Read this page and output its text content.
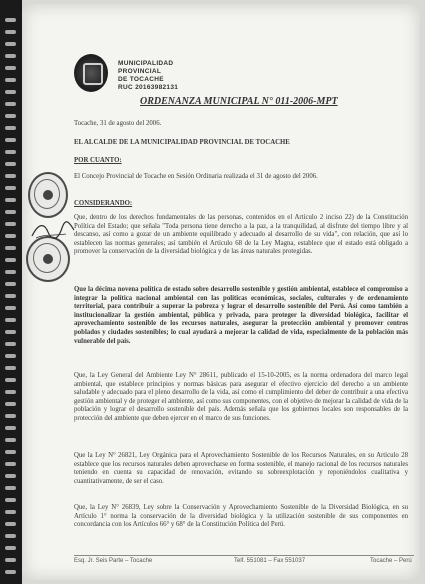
MUNICIPALIDAD
PROVINCIAL
DE TOCACHE
RUC 20163982131
ORDENANZA MUNICIPAL N° 011-2006-MPT
Tocache, 31 de agosto del 2006.
EL ALCALDE DE LA MUNICIPALIDAD PROVINCIAL DE TOCACHE
POR CUANTO:
El Concejo Provincial de Tocache en Sesión Ordinaria realizada el 31 de agosto del 2006.
CONSIDERANDO:
Que, dentro de los derechos fundamentales de las personas, contenidos en el Artículo 2 inciso 22) de la Constitución Política del Estado; que señala "Toda persona tiene derecho a la paz, a la tranquilidad, al disfrute del tiempo libre y al descanso, así como a gozar de un ambiente equilibrado y adecuado al desarrollo de su vida", con relación, que así lo establecen las normas generales; así también el Artículo 68 de la Ley Magna, establece que el estado está obligado a promover la conservación de la diversidad biológica y de las áreas naturales protegidas.
Que la décima novena política de estado sobre desarrollo sostenible y gestión ambiental, establece el compromiso a integrar la política nacional ambiental con las políticas económicas, sociales, culturales y de ordenamiento territorial, para contribuir a superar la pobreza y lograr el desarrollo sostenible del Perú. Así como también a institucionalizar la gestión ambiental, pública y privada, para proteger la diversidad biológica, facilitar el aprovechamiento sostenible de los recursos naturales, asegurar la protección ambiental y promover centros poblados y ciudades sostenibles; lo cual ayudará a mejorar la calidad de vida, especialmente de la población más vulnerable del país.
Que, la Ley General del Ambiente Ley N° 28611, publicado el 15-10-2005, es la norma ordenadora del marco legal ambiental, que establece principios y normas básicas para asegurar el efectivo ejercicio del derecho a un ambiente saludable y adecuado para el pleno desarrollo de la vida, así como el cumplimiento del deber de contribuir a una efectiva gestión ambiental y de proteger el ambiente, así como sus componentes, con el objetivo de mejorar la calidad de vida de la población y lograr el desarrollo sostenible del país. Además señala que los gobiernos locales son responsables de la protección del ambiente que deben ejercer en el marco de sus funciones.
Que la Ley N° 26821, Ley Orgánica para el Aprovechamiento Sostenible de los Recursos Naturales, en su Artículo 28 establece que los recursos naturales deben aprovecharse en forma sostenible, el manejo racional de los recursos naturales teniendo en cuenta su capacidad de renovación, evitando su sobreexplotación y reponiéndolos cualitativa y cuantitativamente, de ser el caso.
Que, la Ley N° 26839, Ley sobre la Conservación y Aprovechamiento Sostenible de la Diversidad Biológica, en su Artículo 1° norma la conservación de la diversidad biológica y la utilización sostenible de sus componentes en concordancia con los Artículos 66° y 68° de la Constitución Política del Perú.
Esq. Jr. Seis Parte – Tocache	Telf. 551081 – Fax 551037	Tocache – Perú
